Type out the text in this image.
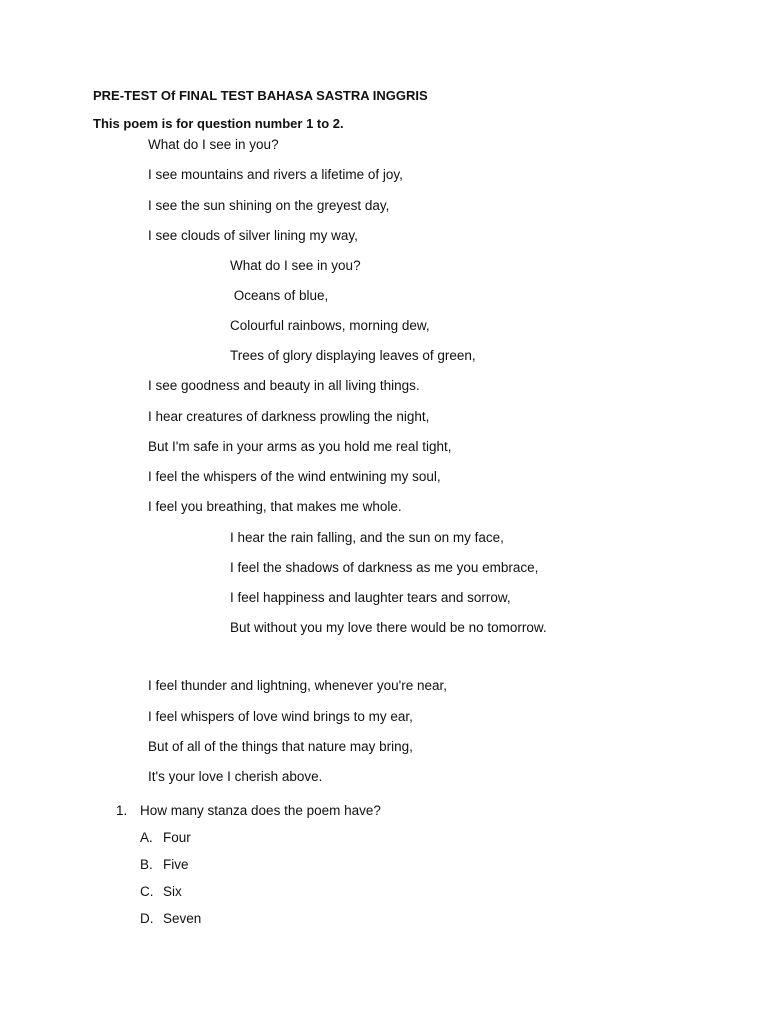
PRE-TEST Of FINAL TEST BAHASA SASTRA INGGRIS
This poem is for question number 1 to 2.
What do I see in you?
I see mountains and rivers a lifetime of joy,
I see the sun shining on the greyest day,
I see clouds of silver lining my way,
What do I see in you?
Oceans of blue,
Colourful rainbows, morning dew,
Trees of glory displaying leaves of green,
I see goodness and beauty in all living things.
I hear creatures of darkness prowling the night,
But I'm safe in your arms as you hold me real tight,
I feel the whispers of the wind entwining my soul,
I feel you breathing, that makes me whole.
I hear the rain falling, and the sun on my face,
I feel the shadows of darkness as me you embrace,
I feel happiness and laughter tears and sorrow,
But without you my love there would be no tomorrow.
I feel thunder and lightning, whenever you're near,
I feel whispers of love wind brings to my ear,
But of all of the things that nature may bring,
It's your love I cherish above.
1. How many stanza does the poem have?
A. Four
B. Five
C. Six
D. Seven
